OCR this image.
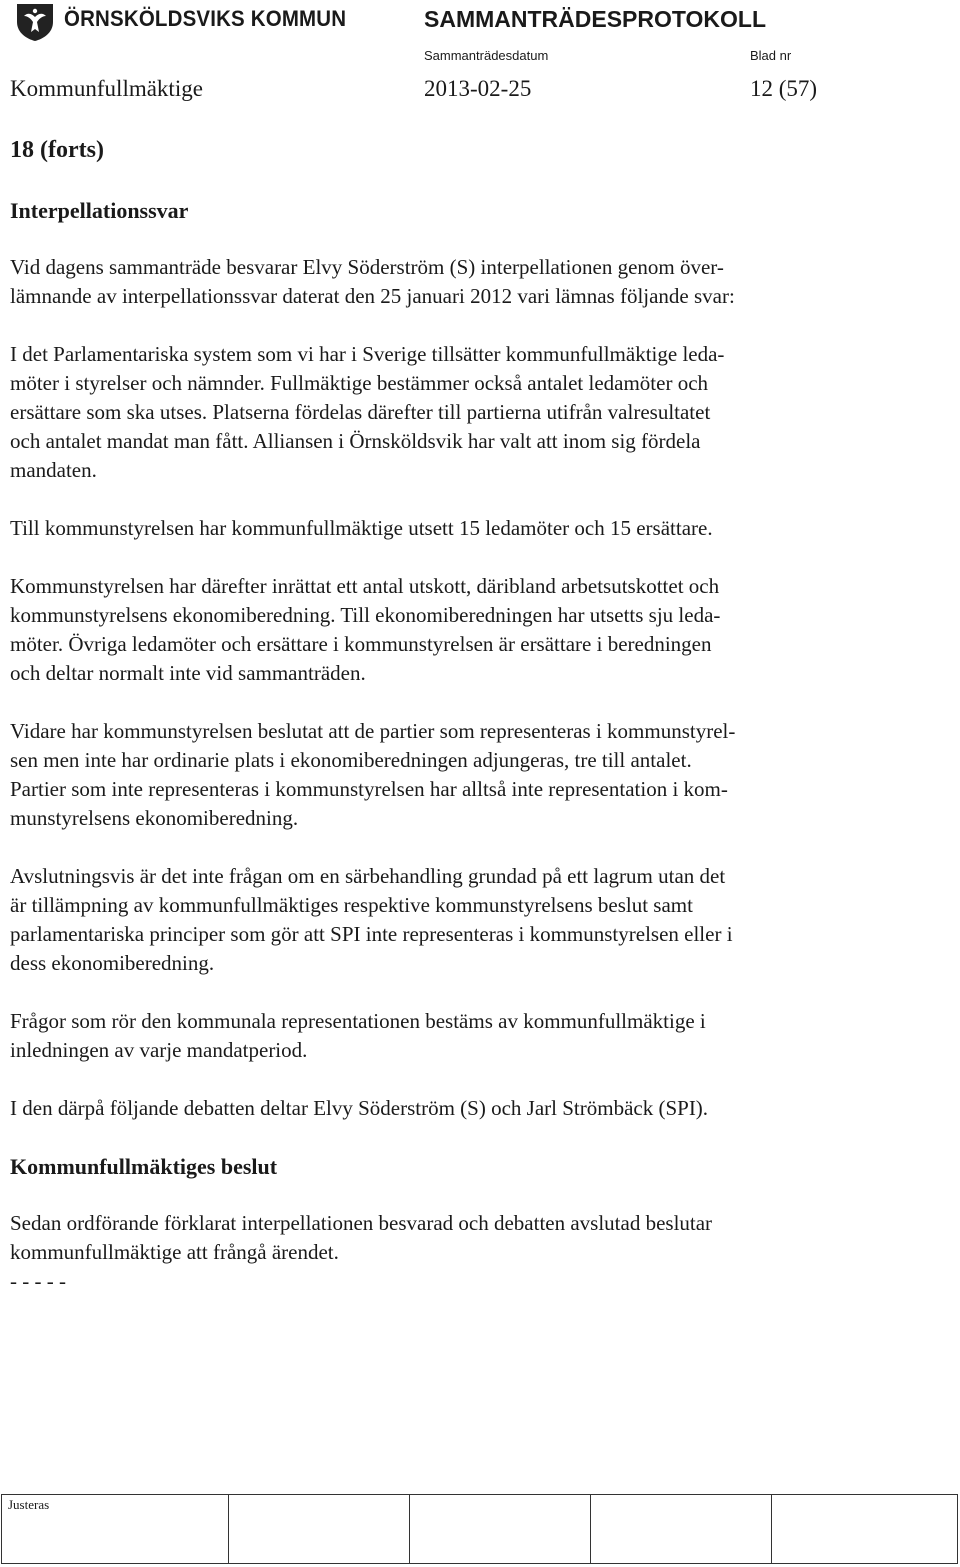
ÖRNSKÖLDSVIKS KOMMUN	SAMMANTRÄDESPROTOKOLL
Sammanträdesdatum	Blad nr
Kommunfullmäktige	2013-02-25	12 (57)
18 (forts)
Interpellationssvar

Vid dagens sammanträde besvarar Elvy Söderström (S) interpellationen genom över-
lämnande av interpellationssvar daterat den 25 januari 2012 vari lämnas följande svar:

I det Parlamentariska system som vi har i Sverige tillsätter kommunfullmäktige leda-
möter i styrelser och nämnder. Fullmäktige bestämmer också antalet ledamöter och
ersättare som ska utses. Platserna fördelas därefter till partierna utifrån valresultatet
och antalet mandat man fått. Alliansen i Örnsköldsvik har valt att inom sig fördela
mandaten.

Till kommunstyrelsen har kommunfullmäktige utsett 15 ledamöter och 15 ersättare.

Kommunstyrelsen har därefter inrättat ett antal utskott, däribland arbetsutskottet och
kommunstyrelsens ekonomiberedning. Till ekonomiberedningen har utsetts sju leda-
möter. Övriga ledamöter och ersättare i kommunstyrelsen är ersättare i beredningen
och deltar normalt inte vid sammanträden.

Vidare har kommunstyrelsen beslutat att de partier som representeras i kommunstyrel-
sen men inte har ordinarie plats i ekonomiberedningen adjungeras, tre till antalet.
Partier som inte representeras i kommunstyrelsen har alltså inte representation i kom-
munstyrelsens ekonomiberedning.

Avslutningsvis är det inte frågan om en särbehandling grundad på ett lagrum utan det
är tillämpning av kommunfullmäktiges respektive kommunstyrelsens beslut samt
parlamentariska principer som gör att SPI inte representeras i kommunstyrelsen eller i
dess ekonomiberedning.

Frågor som rör den kommunala representationen bestäms av kommunfullmäktige i
inledningen av varje mandatperiod.

I den därpå följande debatten deltar Elvy Söderström (S) och Jarl Strömbäck (SPI).

Kommunfullmäktiges beslut

Sedan ordförande förklarat interpellationen besvarad och debatten avslutad beslutar
kommunfullmäktige att frångå ärendet.
- - - - -

Justeras				
